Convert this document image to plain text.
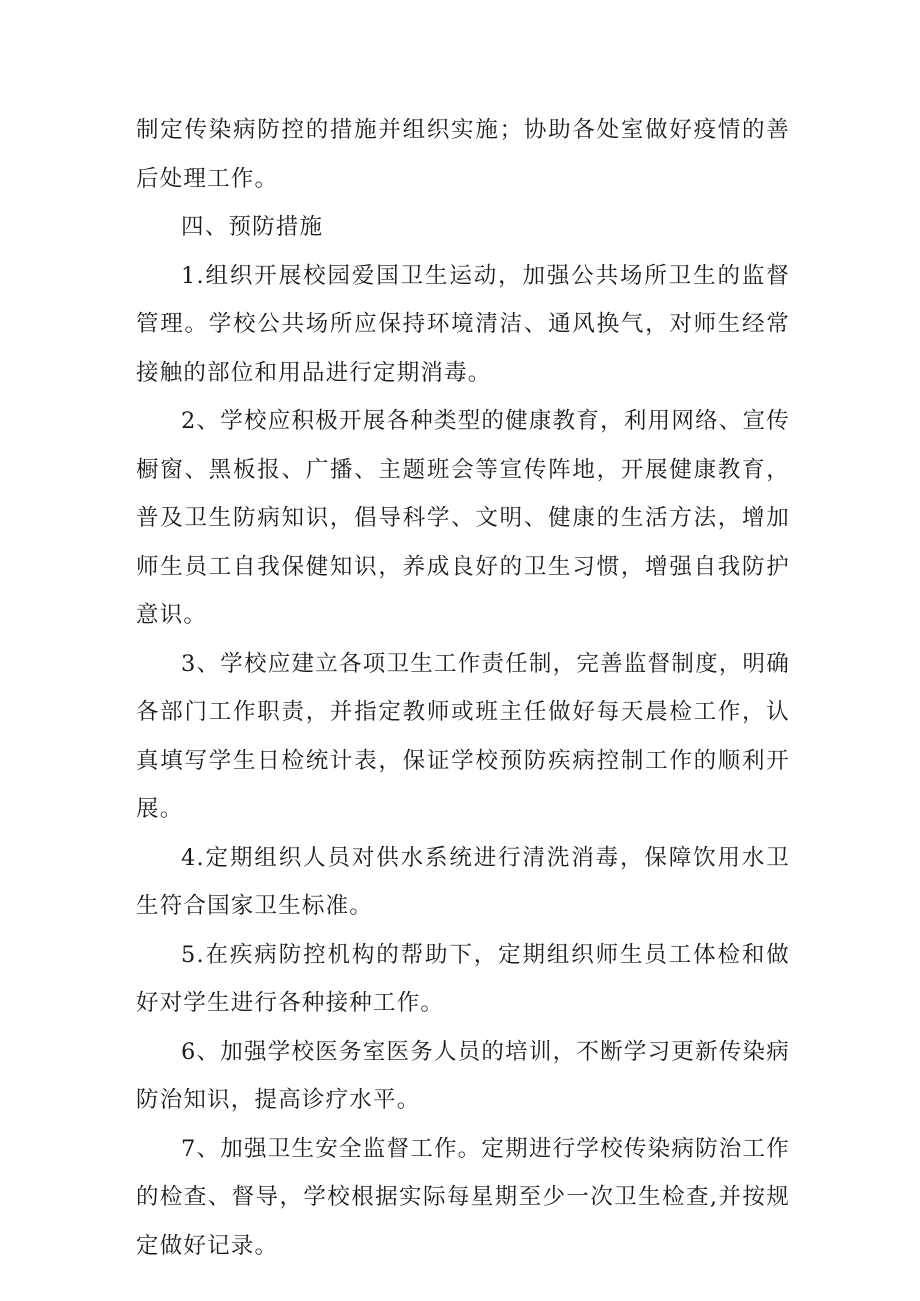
制定传染病防控的措施并组织实施；协助各处室做好疫情的善后处理工作。

四、预防措施

1.组织开展校园爱国卫生运动，加强公共场所卫生的监督管理。学校公共场所应保持环境清洁、通风换气，对师生经常接触的部位和用品进行定期消毒。

2、学校应积极开展各种类型的健康教育，利用网络、宣传橱窗、黑板报、广播、主题班会等宣传阵地，开展健康教育，普及卫生防病知识，倡导科学、文明、健康的生活方法，增加师生员工自我保健知识，养成良好的卫生习惯，增强自我防护意识。

3、学校应建立各项卫生工作责任制，完善监督制度，明确各部门工作职责，并指定教师或班主任做好每天晨检工作，认真填写学生日检统计表，保证学校预防疾病控制工作的顺利开展。

4.定期组织人员对供水系统进行清洗消毒，保障饮用水卫生符合国家卫生标准。

5.在疾病防控机构的帮助下，定期组织师生员工体检和做好对学生进行各种接种工作。

6、加强学校医务室医务人员的培训，不断学习更新传染病防治知识，提高诊疗水平。

7、加强卫生安全监督工作。定期进行学校传染病防治工作的检查、督导，学校根据实际每星期至少一次卫生检查,并按规定做好记录。
